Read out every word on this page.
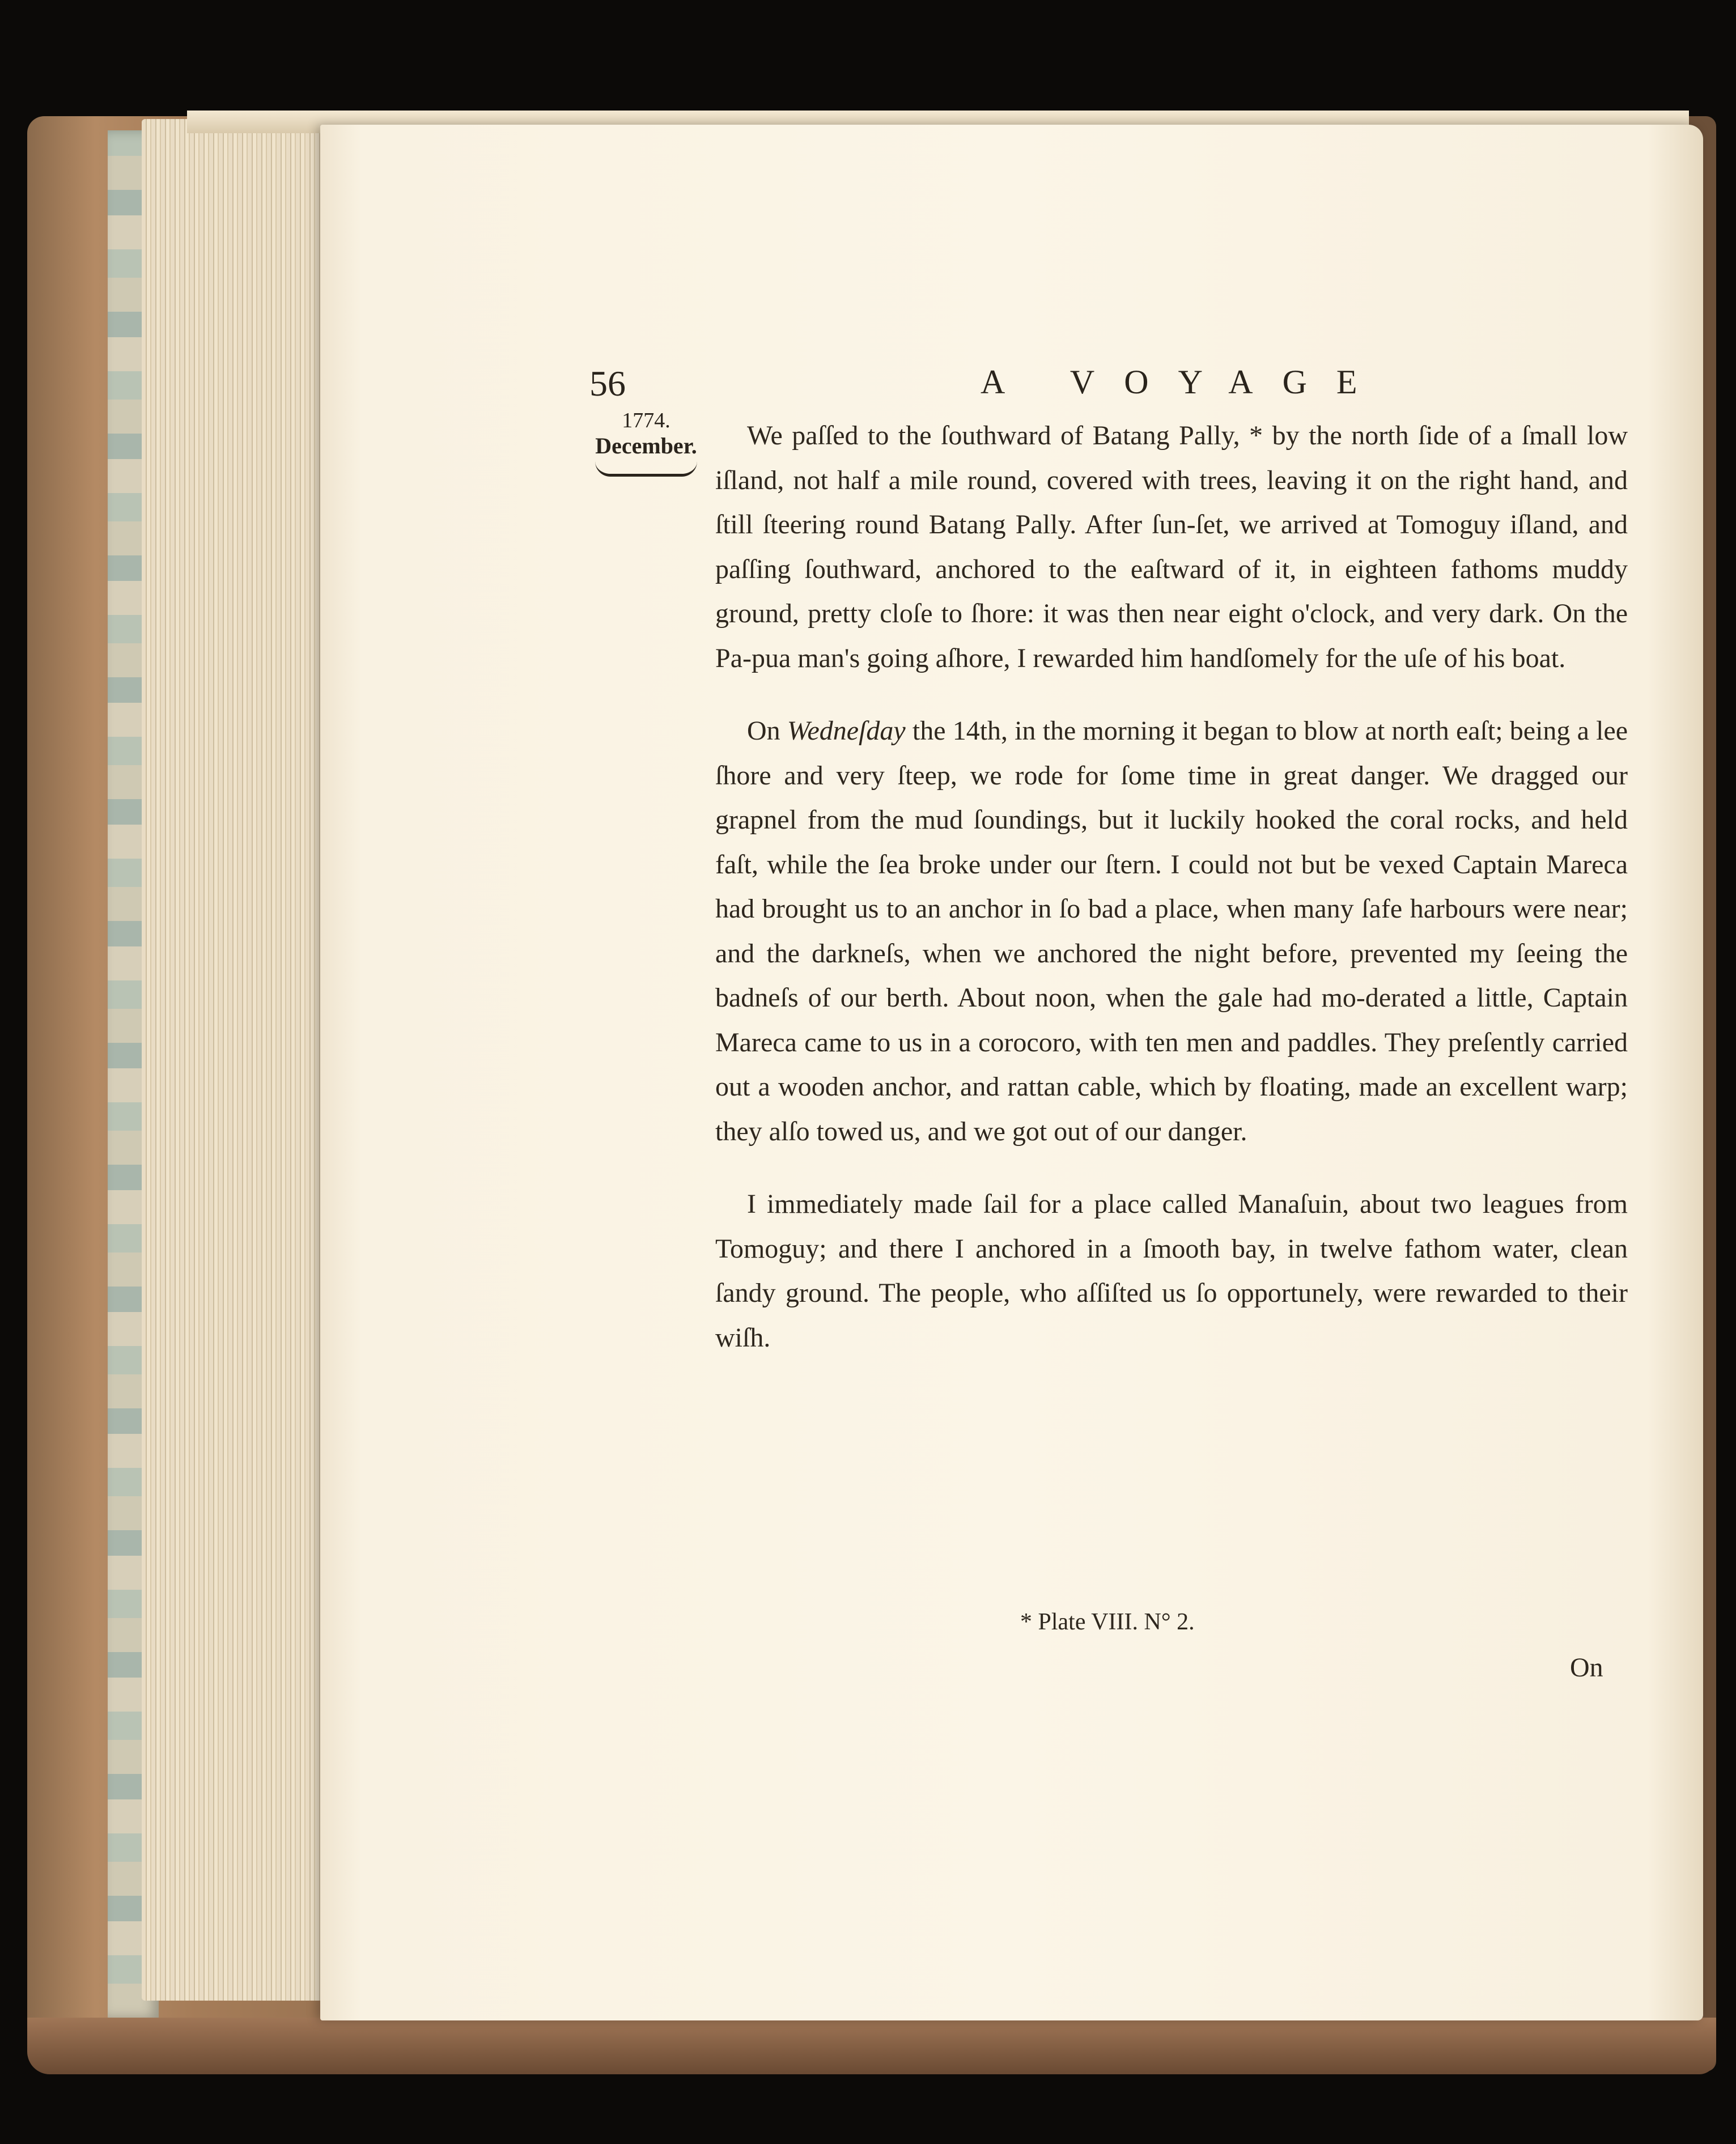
56	A VOYAGE
1774.
December.	We paſſed to the ſouthward of Batang Pally, * by the north ſide of a ſmall low iſland, not half a mile round, covered with trees, leaving it on the right hand, and ſtill ſteering round Batang Pally. After ſun-ſet, we arrived at Tomoguy iſland, and paſſing ſouthward, anchored to the eaſtward of it, in eighteen fathoms muddy ground, pretty cloſe to ſhore: it was then near eight o'clock, and very dark. On the Pa-pua man's going aſhore, I rewarded him handſomely for the uſe of his boat.

On Wedneſday the 14th, in the morning it began to blow at north eaſt; being a lee ſhore and very ſteep, we rode for ſome time in great danger. We dragged our grapnel from the mud ſoundings, but it luckily hooked the coral rocks, and held faſt, while the ſea broke under our ſtern. I could not but be vexed Captain Mareca had brought us to an anchor in ſo bad a place, when many ſafe harbours were near; and the darkneſs, when we anchored the night before, prevented my ſeeing the badneſs of our berth. About noon, when the gale had mo-derated a little, Captain Mareca came to us in a corocoro, with ten men and paddles. They preſently carried out a wooden anchor, and rattan cable, which by floating, made an excellent warp; they alſo towed us, and we got out of our danger.

I immediately made ſail for a place called Manaſuin, about two leagues from Tomoguy; and there I anchored in a ſmooth bay, in twelve fathom water, clean ſandy ground. The people, who aſſiſted us ſo opportunely, were rewarded to their wiſh.

* Plate VIII. N° 2.
On
